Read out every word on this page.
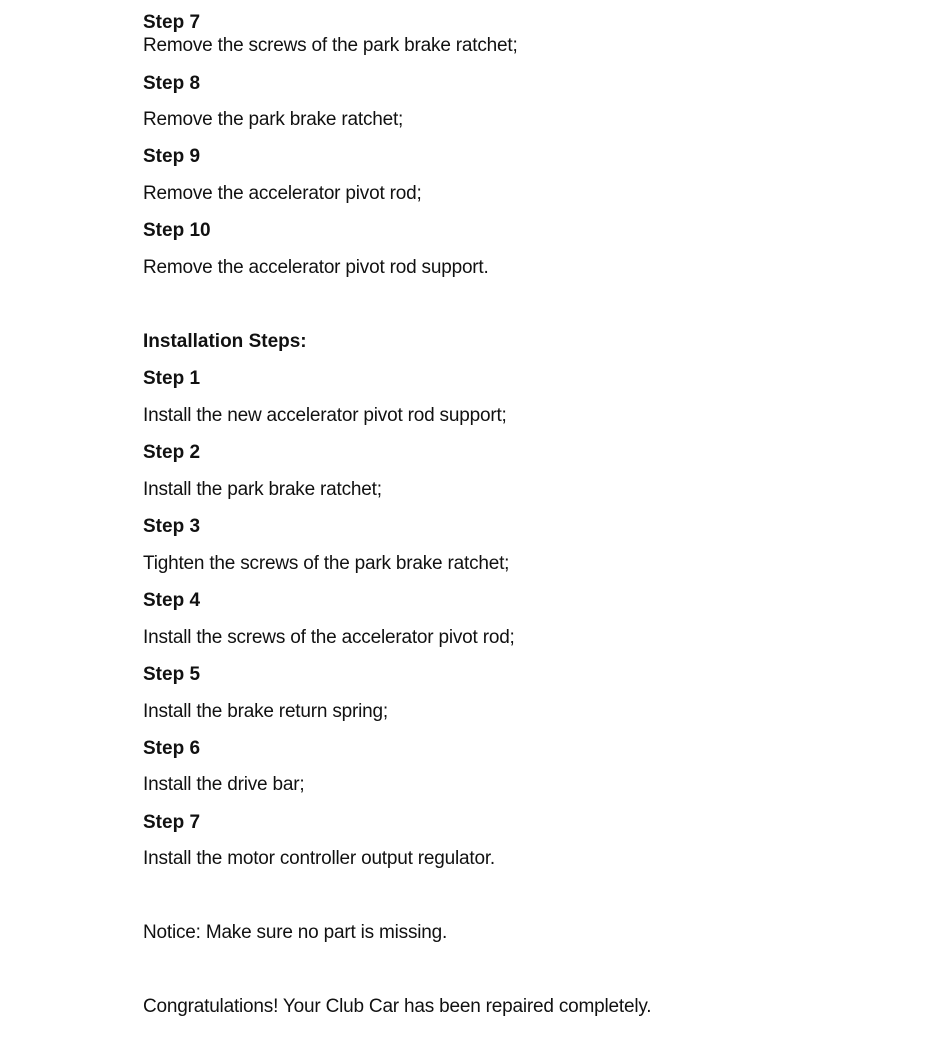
Step 7

Remove the screws of the park brake ratchet;

Step 8

Remove the park brake ratchet;

Step 9

Remove the accelerator pivot rod;

Step 10

Remove the accelerator pivot rod support.

Installation Steps:

Step 1

Install the new accelerator pivot rod support;

Step 2

Install the park brake ratchet;

Step 3

Tighten the screws of the park brake ratchet;

Step 4

Install the screws of the accelerator pivot rod;

Step 5

Install the brake return spring;

Step 6

Install the drive bar;

Step 7

Install the motor controller output regulator.

Notice: Make sure no part is missing.

Congratulations! Your Club Car has been repaired completely.
